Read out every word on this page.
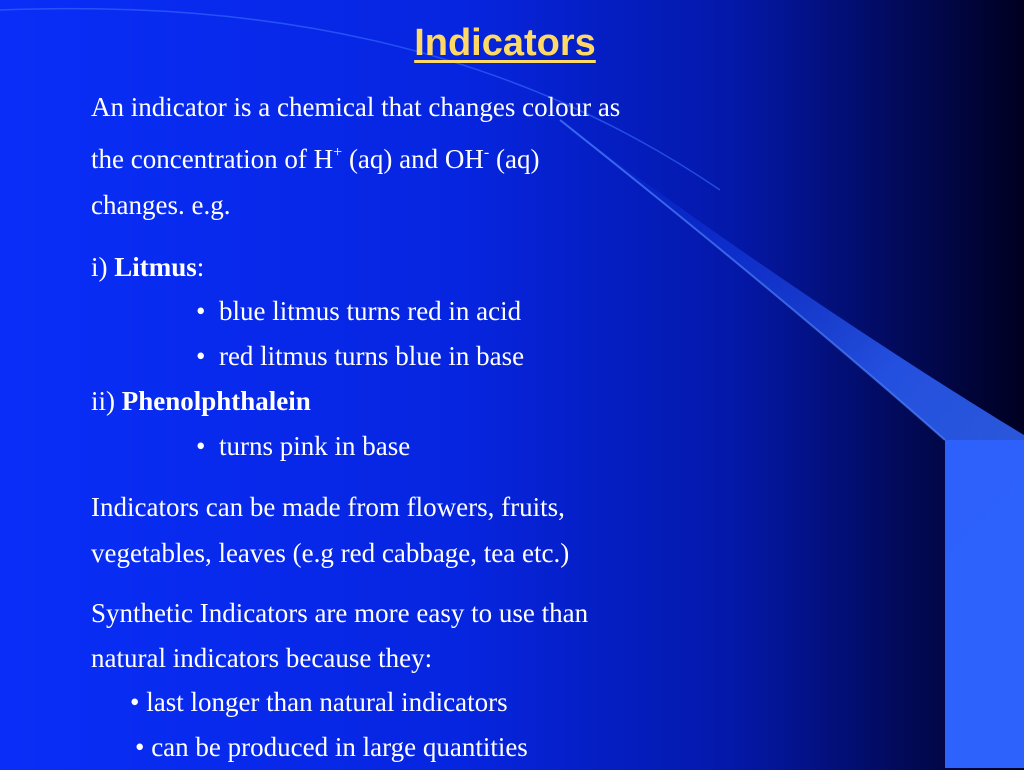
Indicators
An indicator is a chemical that changes colour as
the concentration of H+ (aq) and OH- (aq)
changes. e.g.
i) Litmus:
• blue litmus turns red in acid
• red litmus turns blue in base
ii) Phenolphthalein
• turns pink in base
Indicators can be made from flowers, fruits,
vegetables, leaves (e.g red cabbage, tea etc.)
Synthetic Indicators are more easy to use than
natural indicators because they:
• last longer than natural indicators
• can be produced in large quantities
